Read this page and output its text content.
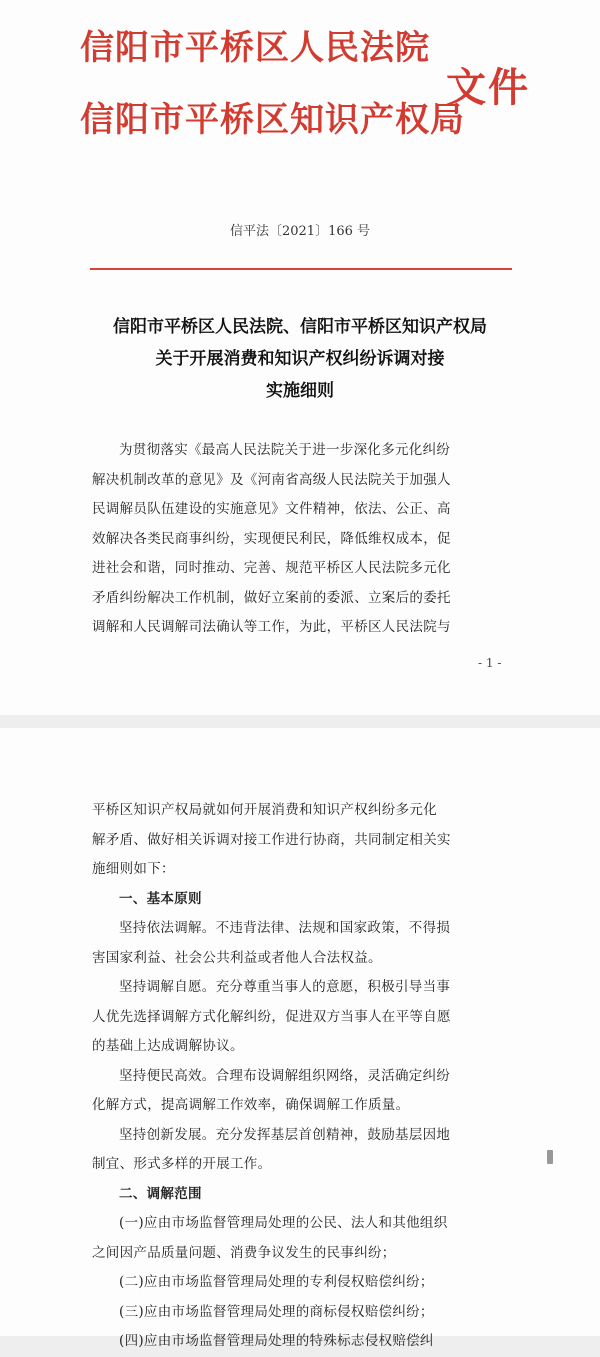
信阳市平桥区人民法院
信阳市平桥区知识产权局
文件
信平法〔2021〕166 号
信阳市平桥区人民法院、信阳市平桥区知识产权局
关于开展消费和知识产权纠纷诉调对接
实施细则
为贯彻落实《最高人民法院关于进一步深化多元化纠纷
解决机制改革的意见》及《河南省高级人民法院关于加强人
民调解员队伍建设的实施意见》文件精神，依法、公正、高
效解决各类民商事纠纷，实现便民利民，降低维权成本，促
进社会和谐，同时推动、完善、规范平桥区人民法院多元化
矛盾纠纷解决工作机制，做好立案前的委派、立案后的委托
调解和人民调解司法确认等工作，为此，平桥区人民法院与
- 1 -
平桥区知识产权局就如何开展消费和知识产权纠纷多元化
解矛盾、做好相关诉调对接工作进行协商，共同制定相关实
施细则如下：
一、基本原则
坚持依法调解。不违背法律、法规和国家政策，不得损
害国家利益、社会公共利益或者他人合法权益。
坚持调解自愿。充分尊重当事人的意愿，积极引导当事
人优先选择调解方式化解纠纷，促进双方当事人在平等自愿
的基础上达成调解协议。
坚持便民高效。合理布设调解组织网络，灵活确定纠纷
化解方式，提高调解工作效率，确保调解工作质量。
坚持创新发展。充分发挥基层首创精神，鼓励基层因地
制宜、形式多样的开展工作。
二、调解范围
(一)应由市场监督管理局处理的公民、法人和其他组织
之间因产品质量问题、消费争议发生的民事纠纷；
(二)应由市场监督管理局处理的专利侵权赔偿纠纷；
(三)应由市场监督管理局处理的商标侵权赔偿纠纷；
(四)应由市场监督管理局处理的特殊标志侵权赔偿纠
